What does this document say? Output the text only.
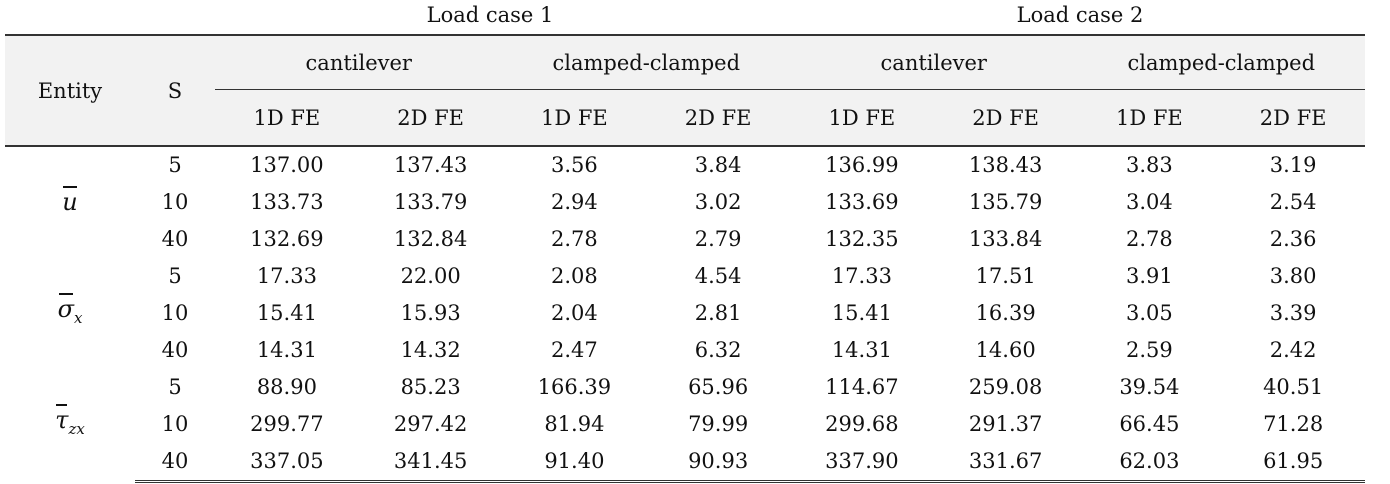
Load case 1	Load case 2
Entity	S	cantilever		clamped-clamped		cantilever		clamped-clamped	
		1D FE	2D FE	1D FE	2D FE	1D FE	2D FE	1D FE	2D FE

u	5	137.00	137.43	3.56	3.84	136.99	138.43	3.83	3.19
	10	133.73	133.79	2.94	3.02	133.69	135.79	3.04	2.54
	40	132.69	132.84	2.78	2.79	132.35	133.84	2.78	2.36

$\sigma_x$	5	17.33	22.00	2.08	4.54	17.33	17.51	3.91	3.80
	10	15.41	15.93	2.04	2.81	15.41	16.39	3.05	3.39
	40	14.31	14.32	2.47	6.32	14.31	14.60	2.59	2.42

$\tau_{zx}$	5	88.90	85.23	166.39	65.96	114.67	259.08	39.54	40.51
	10	299.77	297.42	81.94	79.99	299.68	291.37	66.45	71.28
	40	337.05	341.45	91.40	90.93	337.90	331.67	62.03	61.95
